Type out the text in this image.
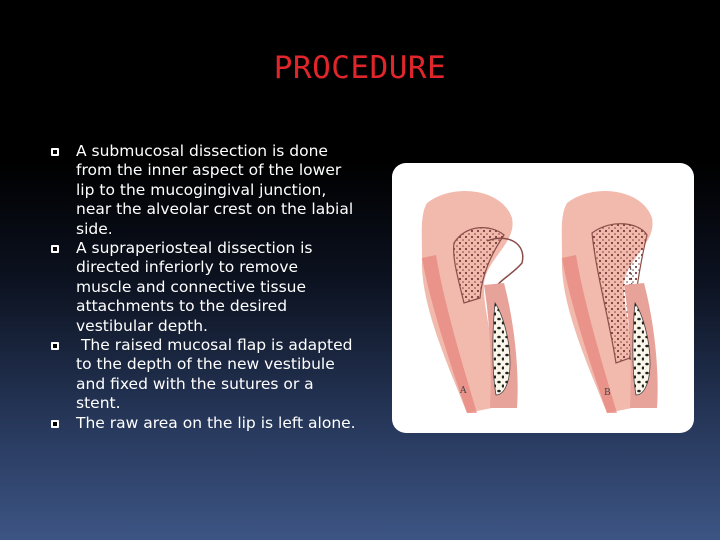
PROCEDURE
A submucosal dissection is done from the inner aspect of the lower lip to the mucogingival junction, near the alveolar crest on the labial side.
A supraperiosteal dissection is directed inferiorly to remove muscle and connective tissue attachments to the desired vestibular depth.
The raised mucosal flap is adapted to the depth of the new vestibule and fixed with the sutures or a stent.
The raw area on the lip is left alone.
A	B
